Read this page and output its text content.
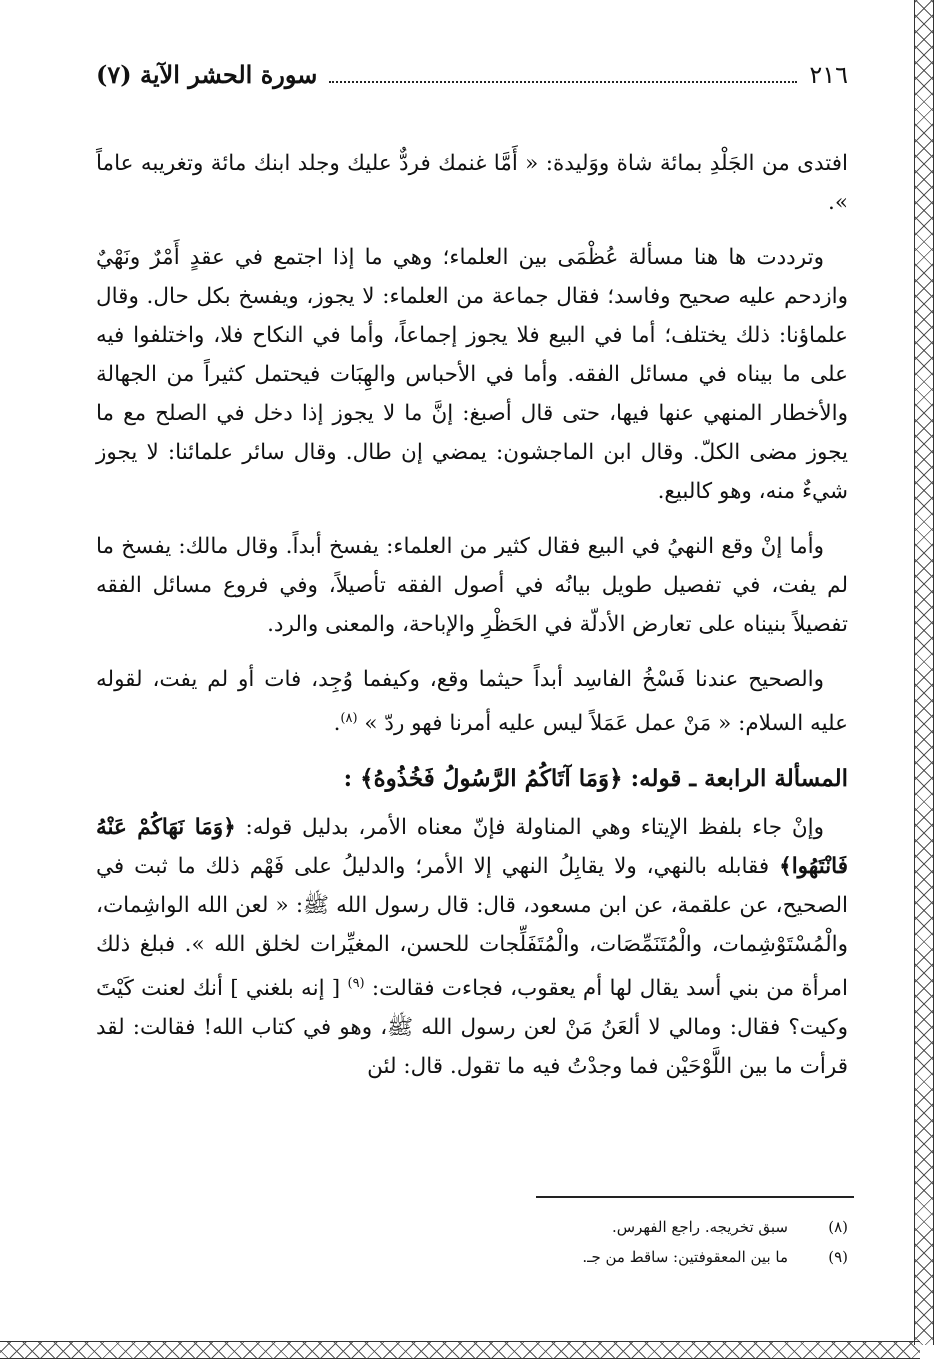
٢١٦
سورة الحشر الآية (٧)

افتدى من الجَلْدِ بمائة شاة ووَليدة: « أَمَّا غنمك فردٌّ عليك وجلد ابنك مائة وتغريبه عاماً ».

وترددت ها هنا مسألة عُظْمَى بين العلماء؛ وهي ما إذا اجتمع في عقدٍ أَمْرٌ ونَهْيٌ وازدحم عليه صحيح وفاسد؛ فقال جماعة من العلماء: لا يجوز، ويفسخ بكل حال. وقال علماؤنا: ذلك يختلف؛ أما في البيع فلا يجوز إجماعاً، وأما في النكاح فلا، واختلفوا فيه على ما بيناه في مسائل الفقه. وأما في الأحباس والهِبَات فيحتمل كثيراً من الجهالة والأخطار المنهي عنها فيها، حتى قال أصبغ: إنَّ ما لا يجوز إذا دخل في الصلح مع ما يجوز مضى الكلّ. وقال ابن الماجشون: يمضي إن طال. وقال سائر علمائنا: لا يجوز شيءٌ منه، وهو كالبيع.

وأما إنْ وقع النهيُ في البيع فقال كثير من العلماء: يفسخ أبداً. وقال مالك: يفسخ ما لم يفت، في تفصيل طويل بيانُه في أصول الفقه تأصيلاً، وفي فروع مسائل الفقه تفصيلاً بنيناه على تعارض الأدلّة في الحَظْرِ والإباحة، والمعنى والرد.

والصحيح عندنا فَسْخُ الفاسِد أبداً حيثما وقع، وكيفما وُجِد، فات أو لم يفت، لقوله عليه السلام: « مَنْ عمل عَمَلاً ليس عليه أمرنا فهو ردّ » $^{(٨)}$.

المسألة الرابعة ـ قوله: ﴿وَمَا آتَاكُمُ الرَّسُولُ فَخُذُوهُ﴾ :

وإنْ جاء بلفظ الإيتاء وهي المناولة فإنّ معناه الأمر، بدليل قوله: ﴿وَمَا نَهَاكُمْ عَنْهُ فَانْتَهُوا﴾ فقابله بالنهي، ولا يقابِلُ النهي إلا الأمر؛ والدليلُ على فَهْم ذلك ما ثبت في الصحيح، عن علقمة، عن ابن مسعود، قال: قال رسول الله ﷺ: « لعن الله الواشِمات، والْمُسْتَوْشِمات، والْمُتَنَمِّصَات، والْمُتَفَلِّجات للحسن، المغيِّرات لخلق الله ». فبلغ ذلك امرأة من بني أسد يقال لها أم يعقوب، فجاءت فقالت: $^{(٩)}$ [ إنه بلغني ] أنك لعنت كَيْتَ وكيت؟ فقال: ومالي لا ألعَنُ مَنْ لعن رسول الله ﷺ، وهو في كتاب الله! فقالت: لقد قرأت ما بين اللَّوْحَيْن فما وجدْتُ فيه ما تقول. قال: لئن

(٨)
سبق تخريجه. راجع الفهرس.
(٩)
ما بين المعقوفتين: ساقط من جـ.
